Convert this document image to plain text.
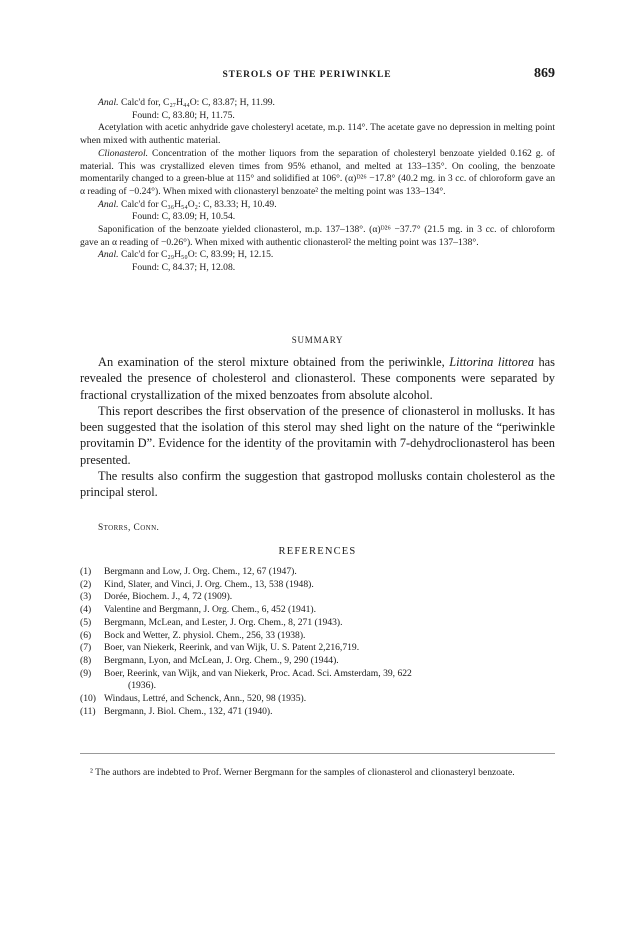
STEROLS OF THE PERIWINKLE	869

Anal. Calc'd for, C₂₇H₄₄O: C, 83.87; H, 11.99.

Found: C, 83.80; H, 11.75.

Acetylation with acetic anhydride gave cholesteryl acetate, m.p. 114°. The acetate gave no depression in melting point when mixed with authentic material.

Clionasterol. Concentration of the mother liquors from the separation of cholesteryl benzoate yielded 0.162 g. of material. This was crystallized eleven times from 95% ethanol, and melted at 133–135°. On cooling, the benzoate momentarily changed to a green-blue at 115° and solidified at 106°. (α)ᴰ²⁶ −17.8° (40.2 mg. in 3 cc. of chloroform gave an α reading of −0.24°). When mixed with clionasteryl benzoate² the melting point was 133–134°.

Anal. Calc'd for C₃₆H₅₄O₂: C, 83.33; H, 10.49.

Found: C, 83.09; H, 10.54.

Saponification of the benzoate yielded clionasterol, m.p. 137–138°. (α)ᴰ²⁶ −37.7° (21.5 mg. in 3 cc. of chloroform gave an α reading of −0.26°). When mixed with authentic clionasterol² the melting point was 137–138°.

Anal. Calc'd for C₂₉H₅₀O: C, 83.99; H, 12.15.

Found: C, 84.37; H, 12.08.

SUMMARY

An examination of the sterol mixture obtained from the periwinkle, Littorina littorea has revealed the presence of cholesterol and clionasterol. These components were separated by fractional crystallization of the mixed benzoates from absolute alcohol.

This report describes the first observation of the presence of clionasterol in mollusks. It has been suggested that the isolation of this sterol may shed light on the nature of the “periwinkle provitamin D”. Evidence for the identity of the provitamin with 7-dehydroclionasterol has been presented.

The results also confirm the suggestion that gastropod mollusks contain cholesterol as the principal sterol.

Storrs, Conn.
REFERENCES
(1)	Bergmann and Low, J. Org. Chem., 12, 67 (1947).
(2)	Kind, Slater, and Vinci, J. Org. Chem., 13, 538 (1948).
(3)	Dorée, Biochem. J., 4, 72 (1909).
(4)	Valentine and Bergmann, J. Org. Chem., 6, 452 (1941).
(5)	Bergmann, McLean, and Lester, J. Org. Chem., 8, 271 (1943).
(6)	Bock and Wetter, Z. physiol. Chem., 256, 33 (1938).
(7)	Boer, van Niekerk, Reerink, and van Wijk, U. S. Patent 2,216,719.
(8)	Bergmann, Lyon, and McLean, J. Org. Chem., 9, 290 (1944).
(9)	Boer, Reerink, van Wijk, and van Niekerk, Proc. Acad. Sci. Amsterdam, 39, 622
(1936).
(10) Windaus, Lettré, and Schenck, Ann., 520, 98 (1935).
(11) Bergmann, J. Biol. Chem., 132, 471 (1940).
² The authors are indebted to Prof. Werner Bergmann for the samples of clionasterol and clionasteryl benzoate.
